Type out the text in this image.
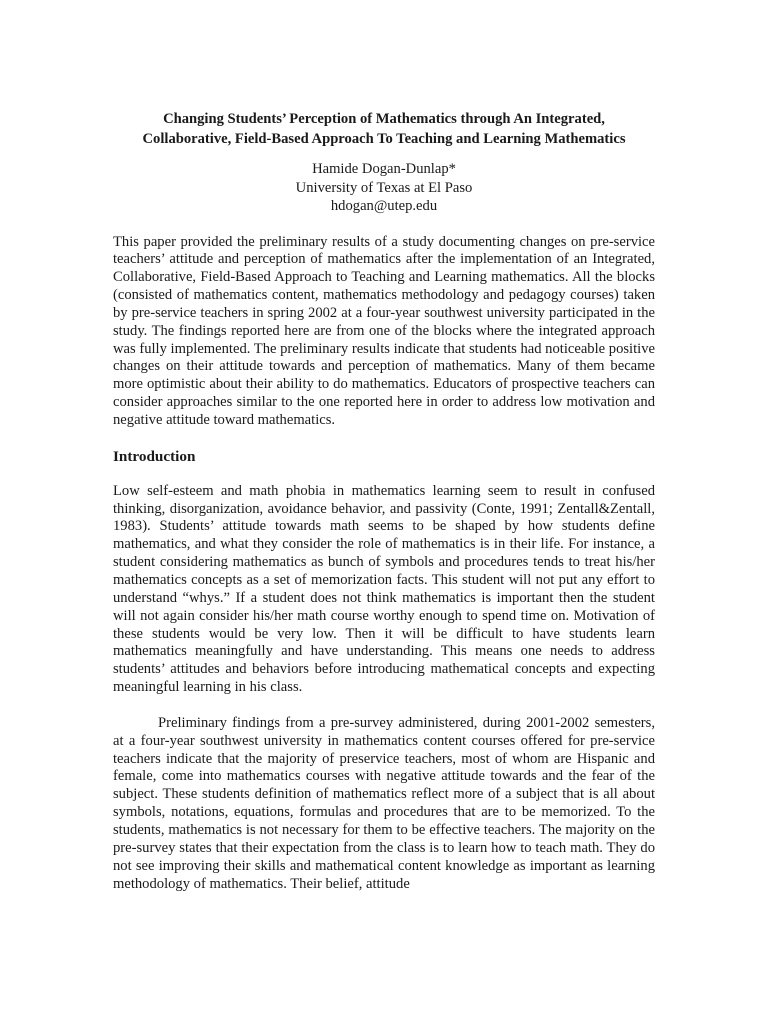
Changing Students’ Perception of Mathematics through An Integrated,
Collaborative, Field-Based Approach To Teaching and Learning Mathematics
Hamide Dogan-Dunlap*
University of Texas at El Paso
hdogan@utep.edu

This paper provided the preliminary results of a study documenting changes on pre-service teachers’ attitude and perception of mathematics after the implementation of an Integrated, Collaborative, Field-Based Approach to Teaching and Learning mathematics. All the blocks (consisted of mathematics content, mathematics methodology and pedagogy courses) taken by pre-service teachers in spring 2002 at a four-year southwest university participated in the study. The findings reported here are from one of the blocks where the integrated approach was fully implemented. The preliminary results indicate that students had noticeable positive changes on their attitude towards and perception of mathematics. Many of them became more optimistic about their ability to do mathematics. Educators of prospective teachers can consider approaches similar to the one reported here in order to address low motivation and negative attitude toward mathematics.

Introduction

Low self-esteem and math phobia in mathematics learning seem to result in confused thinking, disorganization, avoidance behavior, and passivity (Conte, 1991; Zentall&Zentall, 1983). Students’ attitude towards math seems to be shaped by how students define mathematics, and what they consider the role of mathematics is in their life. For instance, a student considering mathematics as bunch of symbols and procedures tends to treat his/her mathematics concepts as a set of memorization facts. This student will not put any effort to understand “whys.” If a student does not think mathematics is important then the student will not again consider his/her math course worthy enough to spend time on. Motivation of these students would be very low. Then it will be difficult to have students learn mathematics meaningfully and have understanding. This means one needs to address students’ attitudes and behaviors before introducing mathematical concepts and expecting meaningful learning in his class.

Preliminary findings from a pre-survey administered, during 2001-2002 semesters, at a four-year southwest university in mathematics content courses offered for pre-service teachers indicate that the majority of preservice teachers, most of whom are Hispanic and female, come into mathematics courses with negative attitude towards and the fear of the subject. These students definition of mathematics reflect more of a subject that is all about symbols, notations, equations, formulas and procedures that are to be memorized. To the students, mathematics is not necessary for them to be effective teachers. The majority on the pre-survey states that their expectation from the class is to learn how to teach math. They do not see improving their skills and mathematical content knowledge as important as learning methodology of mathematics. Their belief, attitude
